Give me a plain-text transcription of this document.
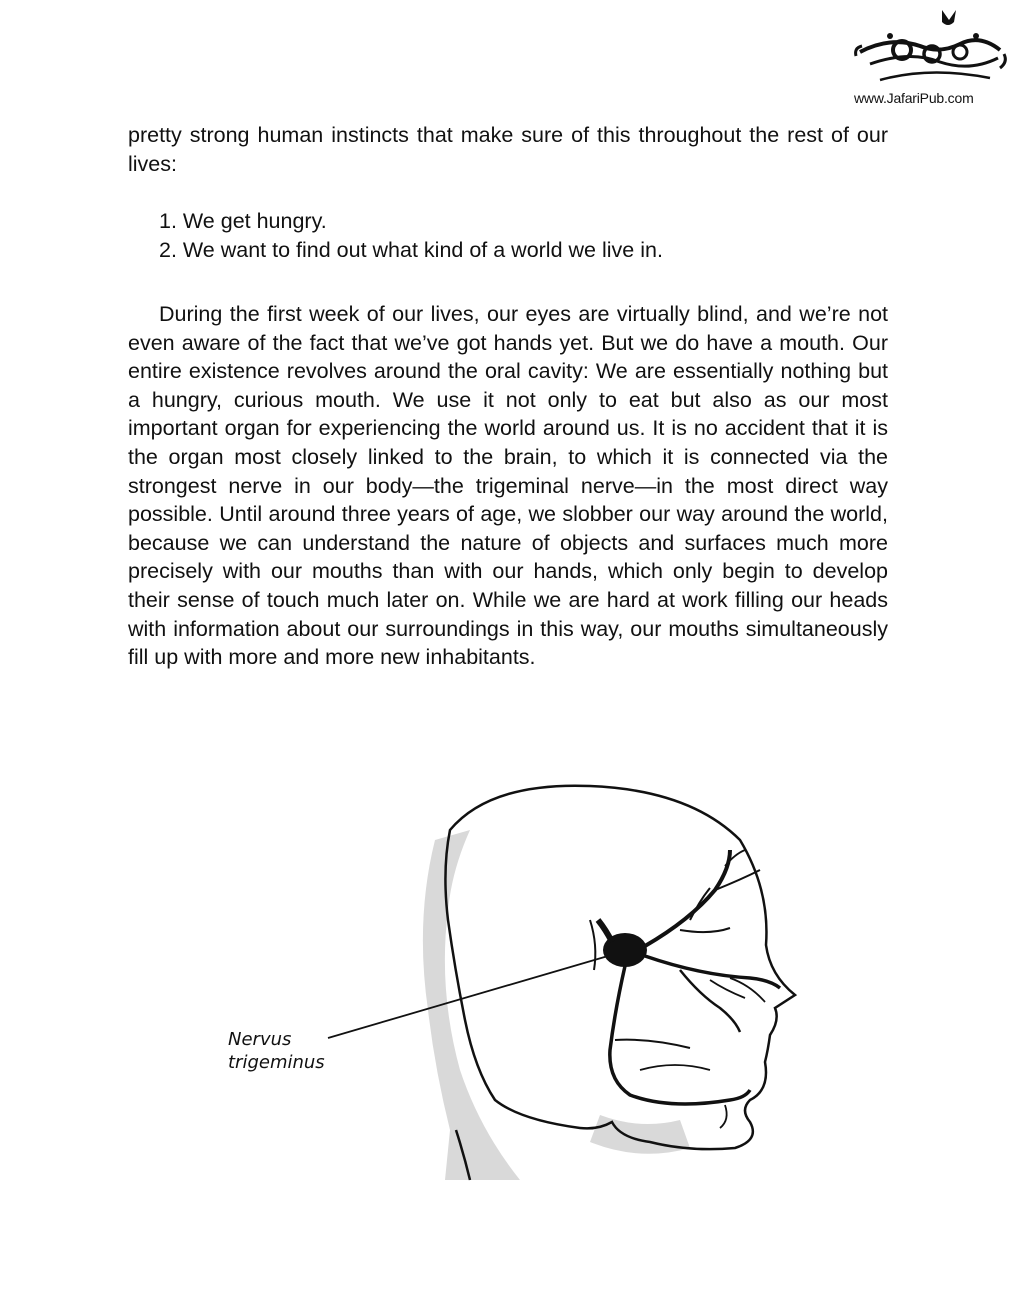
www.JafariPub.com

pretty strong human instincts that make sure of this throughout the rest of our lives:

1. We get hungry.
2. We want to find out what kind of a world we live in.

During the first week of our lives, our eyes are virtually blind, and we’re not even aware of the fact that we’ve got hands yet. But we do have a mouth. Our entire existence revolves around the oral cavity: We are essentially nothing but a hungry, curious mouth. We use it not only to eat but also as our most important organ for experiencing the world around us. It is no accident that it is the organ most closely linked to the brain, to which it is connected via the strongest nerve in our body—the trigeminal nerve—in the most direct way possible. Until around three years of age, we slobber our way around the world, because we can understand the nature of objects and surfaces much more precisely with our mouths than with our hands, which only begin to develop their sense of touch much later on. While we are hard at work filling our heads with information about our surroundings in this way, our mouths simultaneously fill up with more and more new inhabitants.

Nervus
trigeminus
